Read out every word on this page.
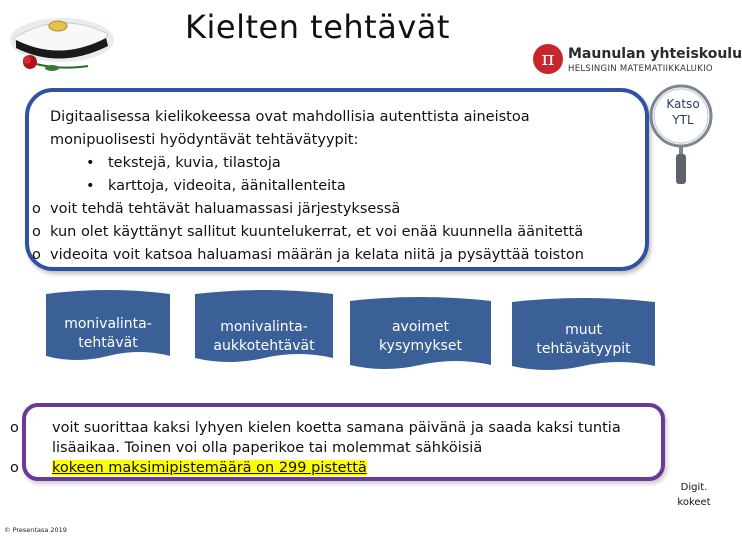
Kielten tehtävät
π Maunulan yhteiskoulu
HELSINGIN MATEMATIIKKALUKIO
Digitaalisessa kielikokeessa ovat mahdollisia autenttista aineistoa
monipuolisesti hyödyntävät tehtävätyypit:
• tekstejä, kuvia, tilastoja
• karttoja, videoita, äänitallenteita
o voit tehdä tehtävät haluamassasi järjestyksessä
o kun olet käyttänyt sallitut kuuntelukerrat, et voi enää kuunnella äänitettä
o videoita voit katsoa haluamasi määrän ja kelata niitä ja pysäyttää toiston
Katso
YTL
monivalinta-
tehtävät
monivalinta-
aukkotehtävät
avoimet
kysymykset
muut
tehtävätyypit
o	voit suorittaa kaksi lyhyen kielen koetta samana päivänä ja saada kaksi tuntia
lisäaikaa. Toinen voi olla paperikoe tai molemmat sähköisiä
o	kokeen maksimipistemäärä on 299 pistettä
© Presentasa 2019
Digit.
kokeet
